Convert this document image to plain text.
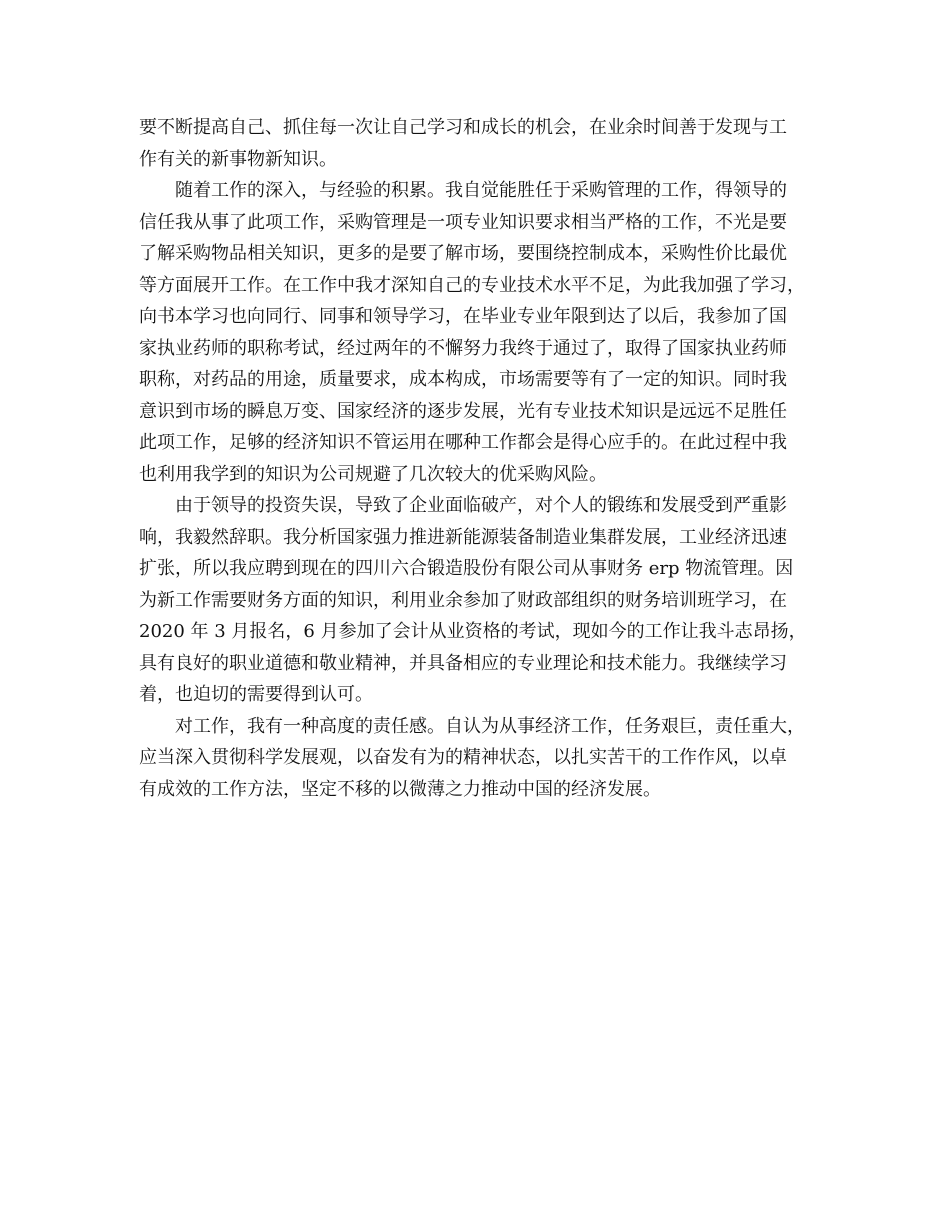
要不断提高自己、抓住每一次让自己学习和成长的机会，在业余时间善于发现与工
作有关的新事物新知识。
随着工作的深入，与经验的积累。我自觉能胜任于采购管理的工作，得领导的
信任我从事了此项工作，采购管理是一项专业知识要求相当严格的工作，不光是要
了解采购物品相关知识，更多的是要了解市场，要围绕控制成本，采购性价比最优
等方面展开工作。在工作中我才深知自己的专业技术水平不足，为此我加强了学习，
向书本学习也向同行、同事和领导学习，在毕业专业年限到达了以后，我参加了国
家执业药师的职称考试，经过两年的不懈努力我终于通过了，取得了国家执业药师
职称，对药品的用途，质量要求，成本构成，市场需要等有了一定的知识。同时我
意识到市场的瞬息万变、国家经济的逐步发展，光有专业技术知识是远远不足胜任
此项工作，足够的经济知识不管运用在哪种工作都会是得心应手的。在此过程中我
也利用我学到的知识为公司规避了几次较大的优采购风险。
由于领导的投资失误，导致了企业面临破产，对个人的锻练和发展受到严重影
响，我毅然辞职。我分析国家强力推进新能源装备制造业集群发展，工业经济迅速
扩张，所以我应聘到现在的四川六合锻造股份有限公司从事财务 erp 物流管理。因
为新工作需要财务方面的知识，利用业余参加了财政部组织的财务培训班学习，在
2020 年 3 月报名，6 月参加了会计从业资格的考试，现如今的工作让我斗志昂扬，
具有良好的职业道德和敬业精神，并具备相应的专业理论和技术能力。我继续学习
着，也迫切的需要得到认可。
对工作，我有一种高度的责任感。自认为从事经济工作，任务艰巨，责任重大，
应当深入贯彻科学发展观，以奋发有为的精神状态，以扎实苦干的工作作风，以卓
有成效的工作方法，坚定不移的以微薄之力推动中国的经济发展。
